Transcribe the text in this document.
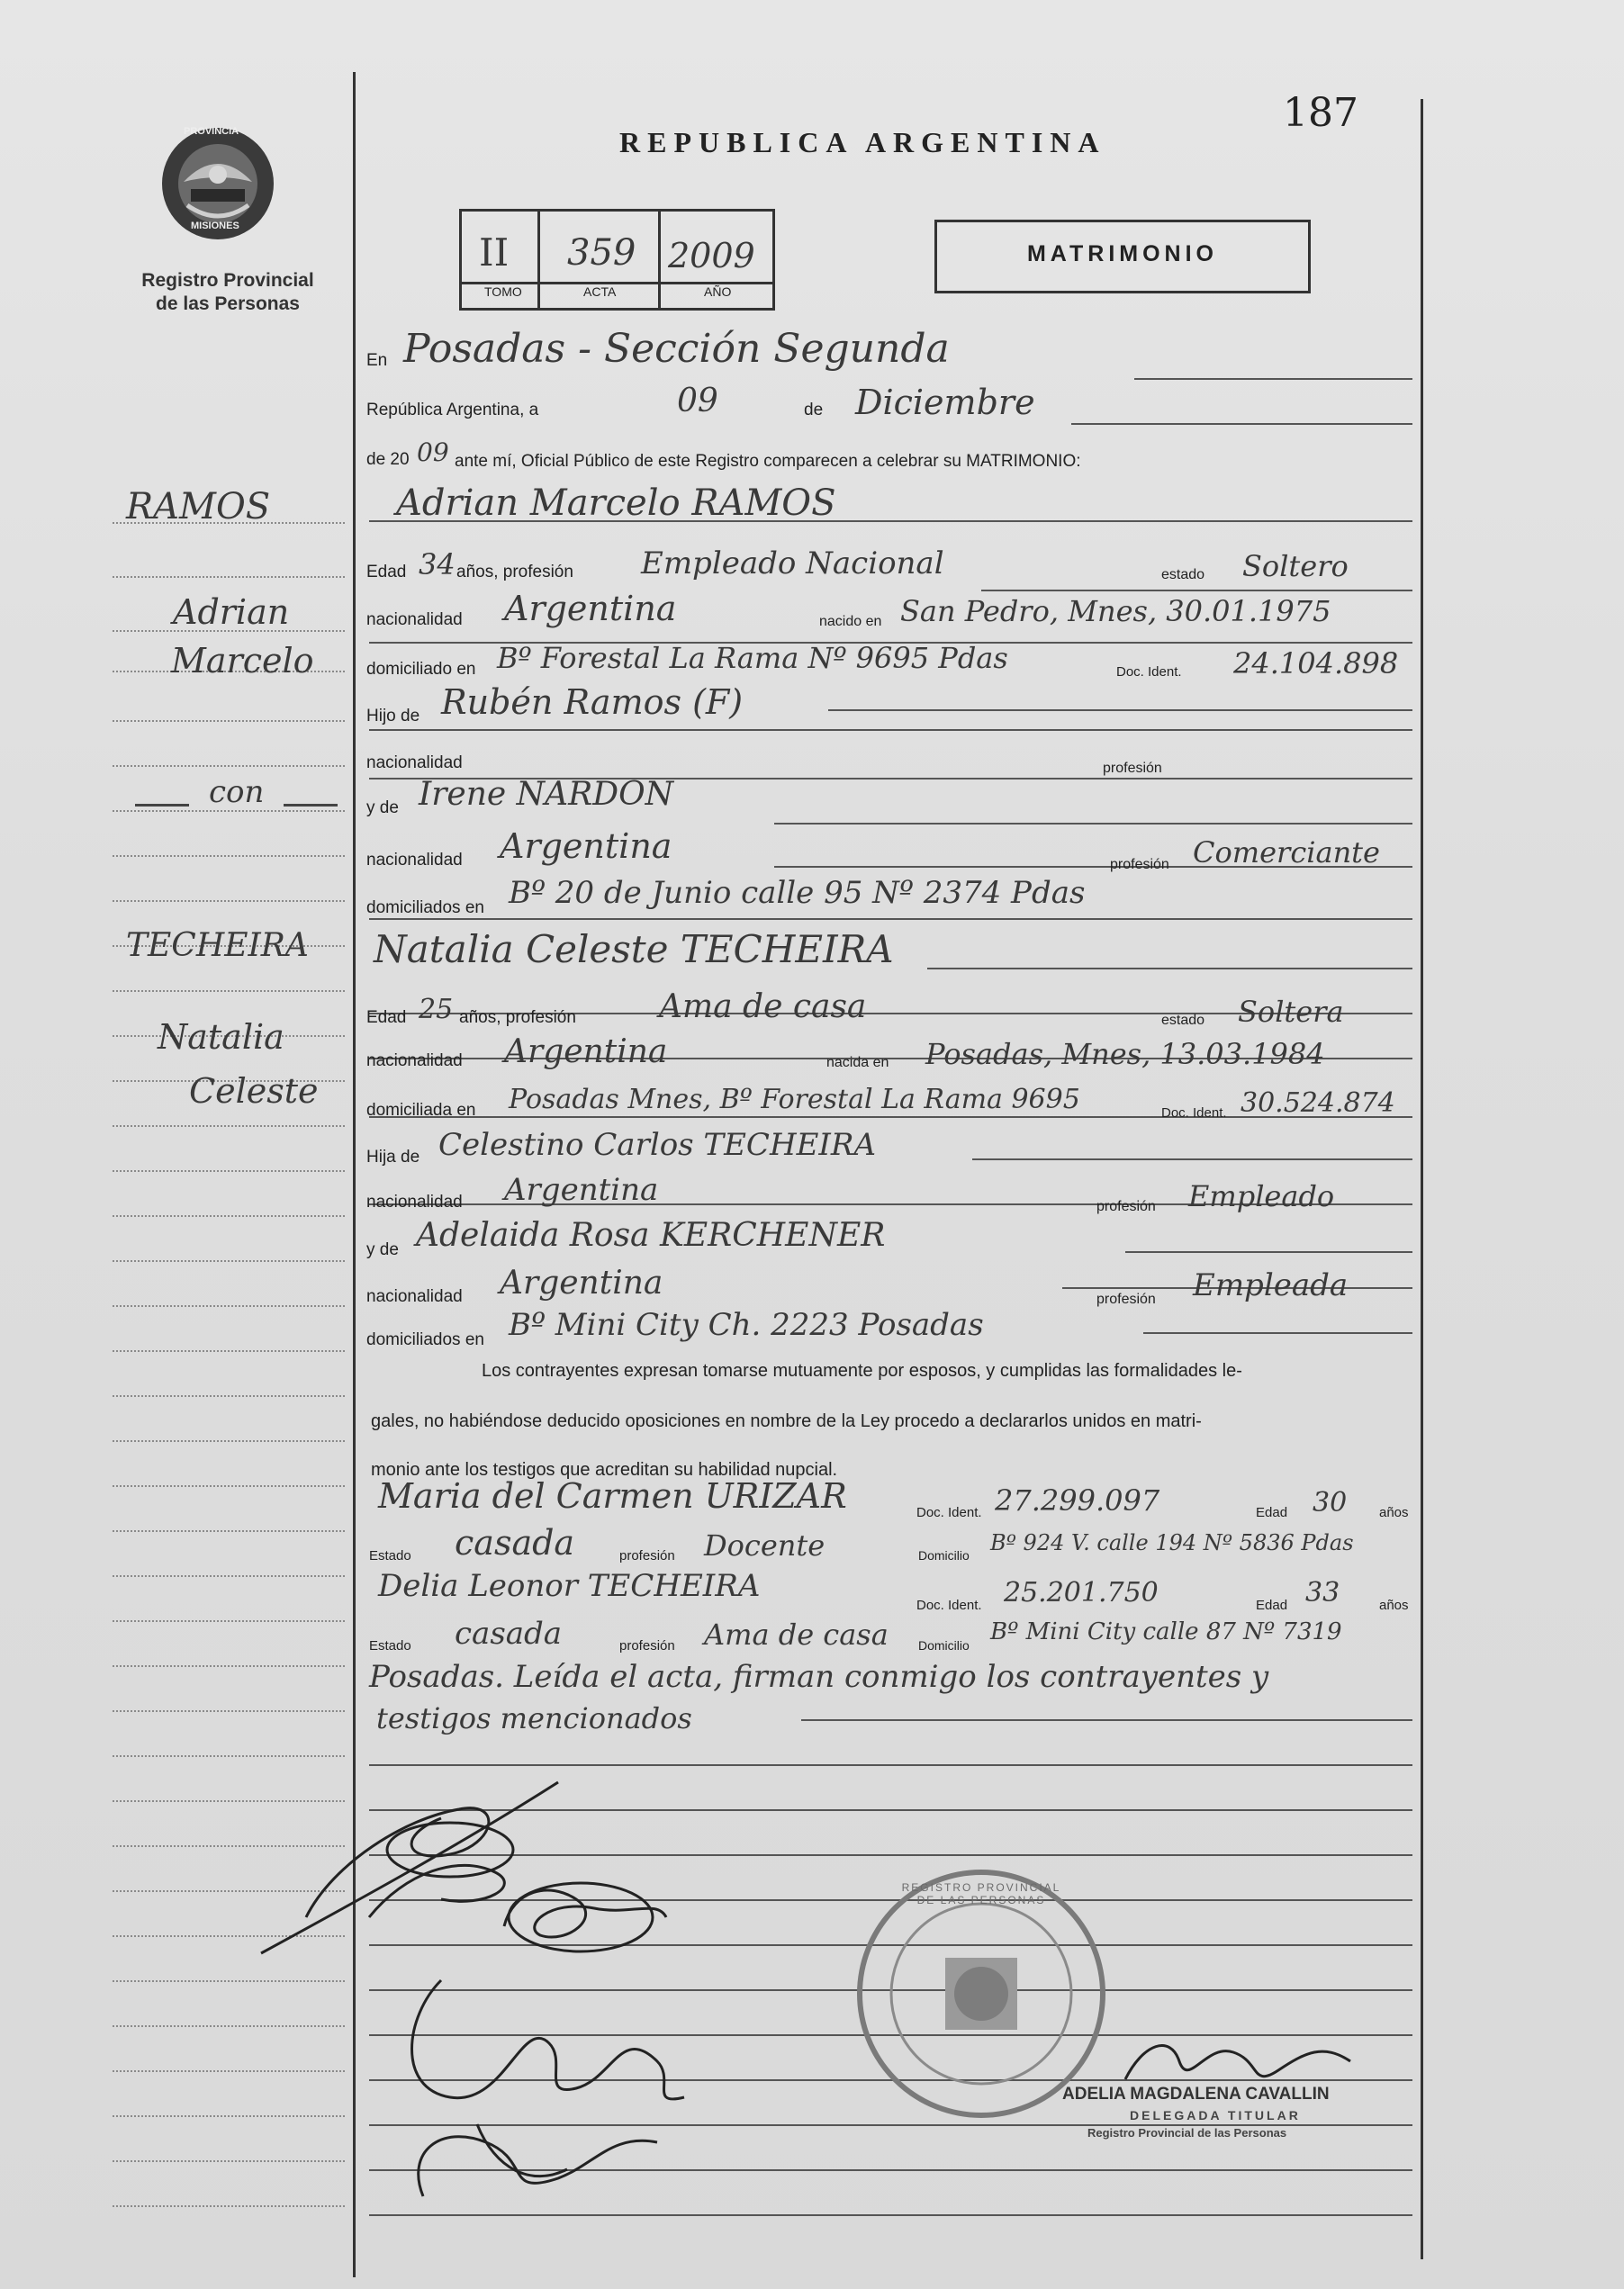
187
REPUBLICA ARGENTINA
PROVINCIA
MISIONES
Registro Provincial
de las Personas
II 359 2009
TOMO	ACTA	AÑO
MATRIMONIO
RAMOS
Adrian
Marcelo
con
TECHEIRA
Natalia
Celeste
En Posadas - Sección Segunda
República Argentina, a	09	de Diciembre
de 20 09 ante mí, Oficial Público de este Registro comparecen a celebrar su MATRIMONIO:
Adrian Marcelo RAMOS
Edad 34 años, profesión Empleado Nacional	estado Soltero
nacionalidad Argentina	nacido en San Pedro, Mnes, 30.01.1975
domiciliado en Bº Forestal La Rama Nº 9695 Pdas	Doc. Ident. 24.104.898
Hijo de Rubén Ramos (F)
nacionalidad	profesión
y de Irene NARDON
nacionalidad Argentina	profesión Comerciante
domiciliados en Bº 20 de Junio calle 95 Nº 2374 Pdas
Natalia Celeste TECHEIRA
Edad 25 años, profesión	Ama de casa	estado Soltera
nacionalidad Argentina	nacida en Posadas, Mnes, 13.03.1984
domiciliada en Posadas Mnes, Bº Forestal La Rama 9695	Doc. Ident. 30.524.874
Hija de Celestino Carlos TECHEIRA
nacionalidad Argentina	profesión Empleado
y de Adelaida Rosa KERCHENER
nacionalidad Argentina	profesión Empleada
domiciliados en Bº Mini City Ch. 2223 Posadas
Los contrayentes expresan tomarse mutuamente por esposos, y cumplidas las formalidades le-
gales, no habiéndose deducido oposiciones en nombre de la Ley procedo a declararlos unidos en matri-
monio ante los testigos que acreditan su habilidad nupcial.
Maria del Carmen URIZAR	Doc. Ident. 27.299.097	Edad 30 años
Estado casada	profesión Docente	Domicilio Bº 924 V. calle 194 Nº 5836 Pdas
Delia Leonor TECHEIRA
Doc. Ident. 25.201.750	Edad 33	años
Estado casada	profesión Ama de casa Domicilio Bº Mini City calle 87 Nº 7319
Posadas. Leída el acta, firman conmigo los contrayentes y
testigos mencionados
REGISTRO PROVINCIAL DE LAS PERSONAS
ADELIA MAGDALENA CAVALLIN
DELEGADA TITULAR
Registro Provincial de las Personas
